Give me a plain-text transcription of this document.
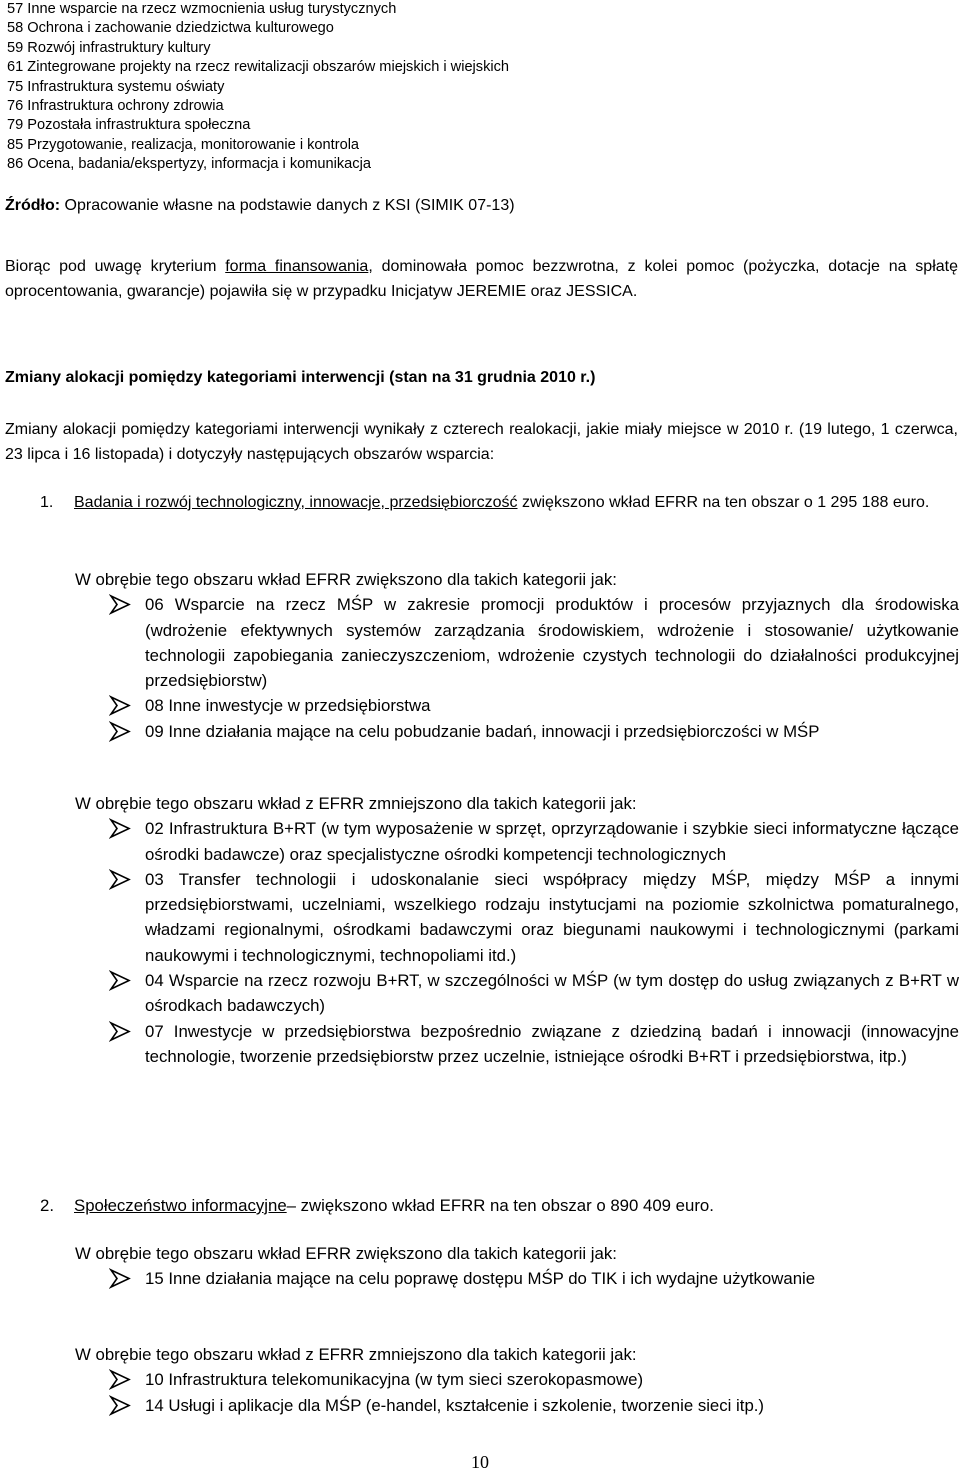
57 Inne wsparcie na rzecz wzmocnienia usług turystycznych
58 Ochrona i zachowanie dziedzictwa kulturowego
59 Rozwój infrastruktury kultury
61 Zintegrowane projekty na rzecz rewitalizacji obszarów miejskich i wiejskich
75 Infrastruktura systemu oświaty
76 Infrastruktura ochrony zdrowia
79 Pozostała infrastruktura społeczna
85 Przygotowanie, realizacja, monitorowanie i kontrola
86 Ocena, badania/ekspertyzy, informacja i komunikacja
Źródło: Opracowanie własne na podstawie danych z KSI (SIMIK 07-13)
Biorąc pod uwagę kryterium forma finansowania, dominowała pomoc bezzwrotna, z kolei pomoc (pożyczka, dotacje na spłatę oprocentowania, gwarancje) pojawiła się w przypadku Inicjatyw JEREMIE oraz JESSICA.
Zmiany alokacji pomiędzy kategoriami interwencji (stan na 31 grudnia 2010 r.)
Zmiany alokacji pomiędzy kategoriami interwencji wynikały z czterech realokacji, jakie miały miejsce w 2010 r. (19 lutego, 1 czerwca, 23 lipca i 16 listopada) i dotyczyły następujących obszarów wsparcia:
1. Badania i rozwój technologiczny, innowacje, przedsiębiorczość zwiększono wkład EFRR na ten obszar o 1 295 188 euro.
W obrębie tego obszaru wkład EFRR zwiększono dla takich kategorii jak:
06 Wsparcie na rzecz MŚP w zakresie promocji produktów i procesów przyjaznych dla środowiska (wdrożenie efektywnych systemów zarządzania środowiskiem, wdrożenie i stosowanie/ użytkowanie technologii zapobiegania zanieczyszczeniom, wdrożenie czystych technologii do działalności produkcyjnej przedsiębiorstw)
08 Inne inwestycje w przedsiębiorstwa
09 Inne działania mające na celu pobudzanie badań, innowacji i przedsiębiorczości w MŚP
W obrębie tego obszaru wkład z EFRR zmniejszono dla takich kategorii jak:
02 Infrastruktura B+RT (w tym wyposażenie w sprzęt, oprzyrządowanie i szybkie sieci informatyczne łączące ośrodki badawcze) oraz specjalistyczne ośrodki kompetencji technologicznych
03 Transfer technologii i udoskonalanie sieci współpracy między MŚP, między MŚP a innymi przedsiębiorstwami, uczelniami, wszelkiego rodzaju instytucjami na poziomie szkolnictwa pomaturalnego, władzami regionalnymi, ośrodkami badawczymi oraz biegunami naukowymi i technologicznymi (parkami naukowymi i technologicznymi, technopoliami itd.)
04 Wsparcie na rzecz rozwoju B+RT, w szczególności w MŚP (w tym dostęp do usług związanych z B+RT w ośrodkach badawczych)
07 Inwestycje w przedsiębiorstwa bezpośrednio związane z dziedziną badań i innowacji (innowacyjne technologie, tworzenie przedsiębiorstw przez uczelnie, istniejące ośrodki B+RT i przedsiębiorstwa, itp.)
2. Społeczeństwo informacyjne– zwiększono wkład EFRR na ten obszar o 890 409 euro.
W obrębie tego obszaru wkład EFRR zwiększono dla takich kategorii jak:
15 Inne działania mające na celu poprawę dostępu MŚP do TIK i ich wydajne użytkowanie
W obrębie tego obszaru wkład z EFRR zmniejszono dla takich kategorii jak:
10 Infrastruktura telekomunikacyjna (w tym sieci szerokopasmowe)
14 Usługi i aplikacje dla MŚP (e-handel, kształcenie i szkolenie, tworzenie sieci itp.)
10
